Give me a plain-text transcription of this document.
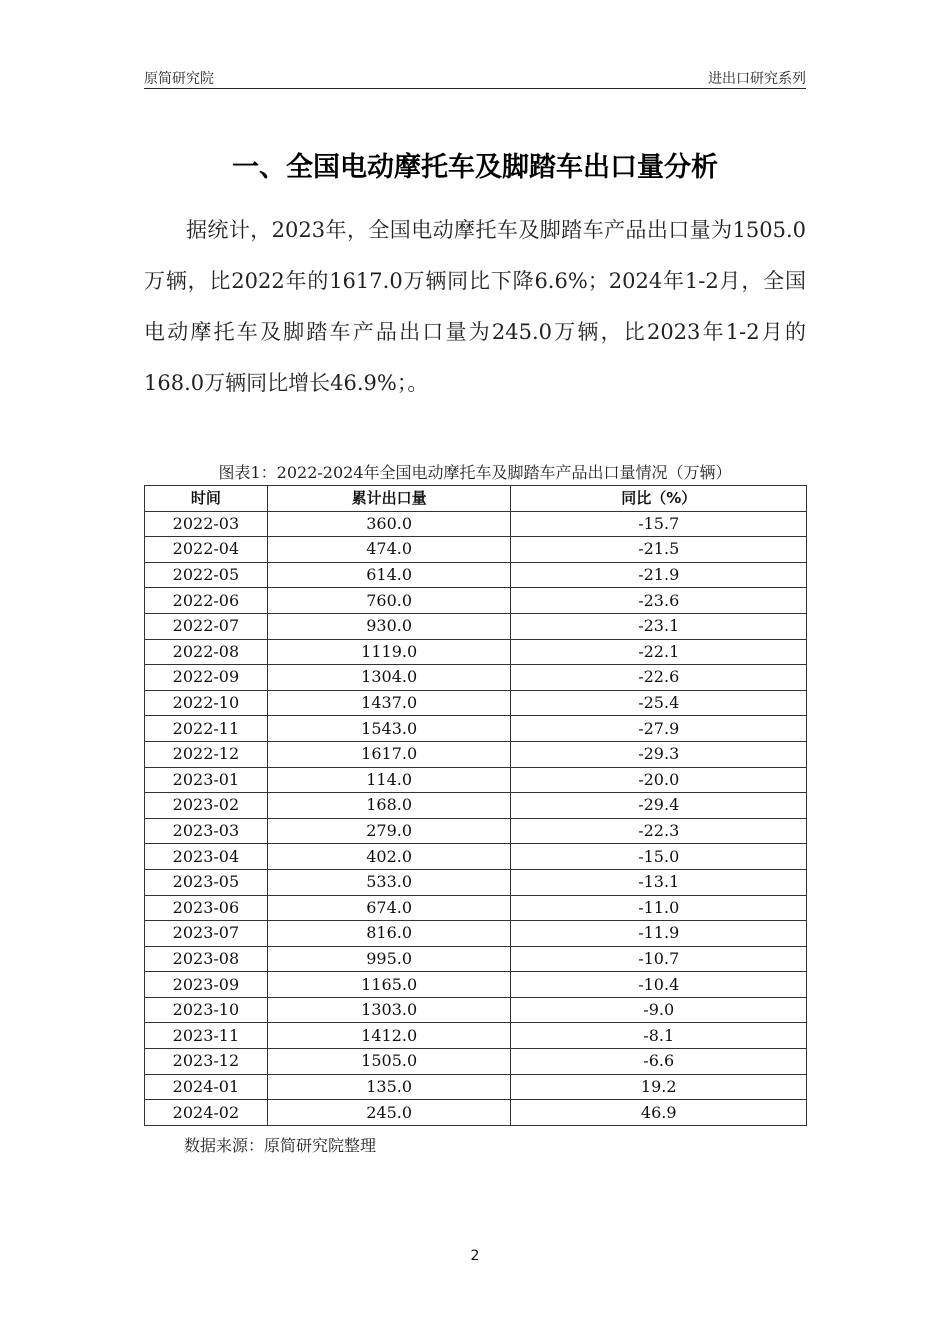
原简研究院	进出口研究系列
一、全国电动摩托车及脚踏车出口量分析
据统计，2023年，全国电动摩托车及脚踏车产品出口量为1505.0万辆，比2022年的1617.0万辆同比下降6.6%；2024年1-2月，全国电动摩托车及脚踏车产品出口量为245.0万辆，比2023年1-2月的168.0万辆同比增长46.9%；。
图表1：2022-2024年全国电动摩托车及脚踏车产品出口量情况（万辆）
时间	累计出口量	同比（%）
2022-03	360.0	-15.7
2022-04	474.0	-21.5
2022-05	614.0	-21.9
2022-06	760.0	-23.6
2022-07	930.0	-23.1
2022-08	1119.0	-22.1
2022-09	1304.0	-22.6
2022-10	1437.0	-25.4
2022-11	1543.0	-27.9
2022-12	1617.0	-29.3
2023-01	114.0	-20.0
2023-02	168.0	-29.4
2023-03	279.0	-22.3
2023-04	402.0	-15.0
2023-05	533.0	-13.1
2023-06	674.0	-11.0
2023-07	816.0	-11.9
2023-08	995.0	-10.7
2023-09	1165.0	-10.4
2023-10	1303.0	-9.0
2023-11	1412.0	-8.1
2023-12	1505.0	-6.6
2024-01	135.0	19.2
2024-02	245.0	46.9
数据来源：原简研究院整理
2
